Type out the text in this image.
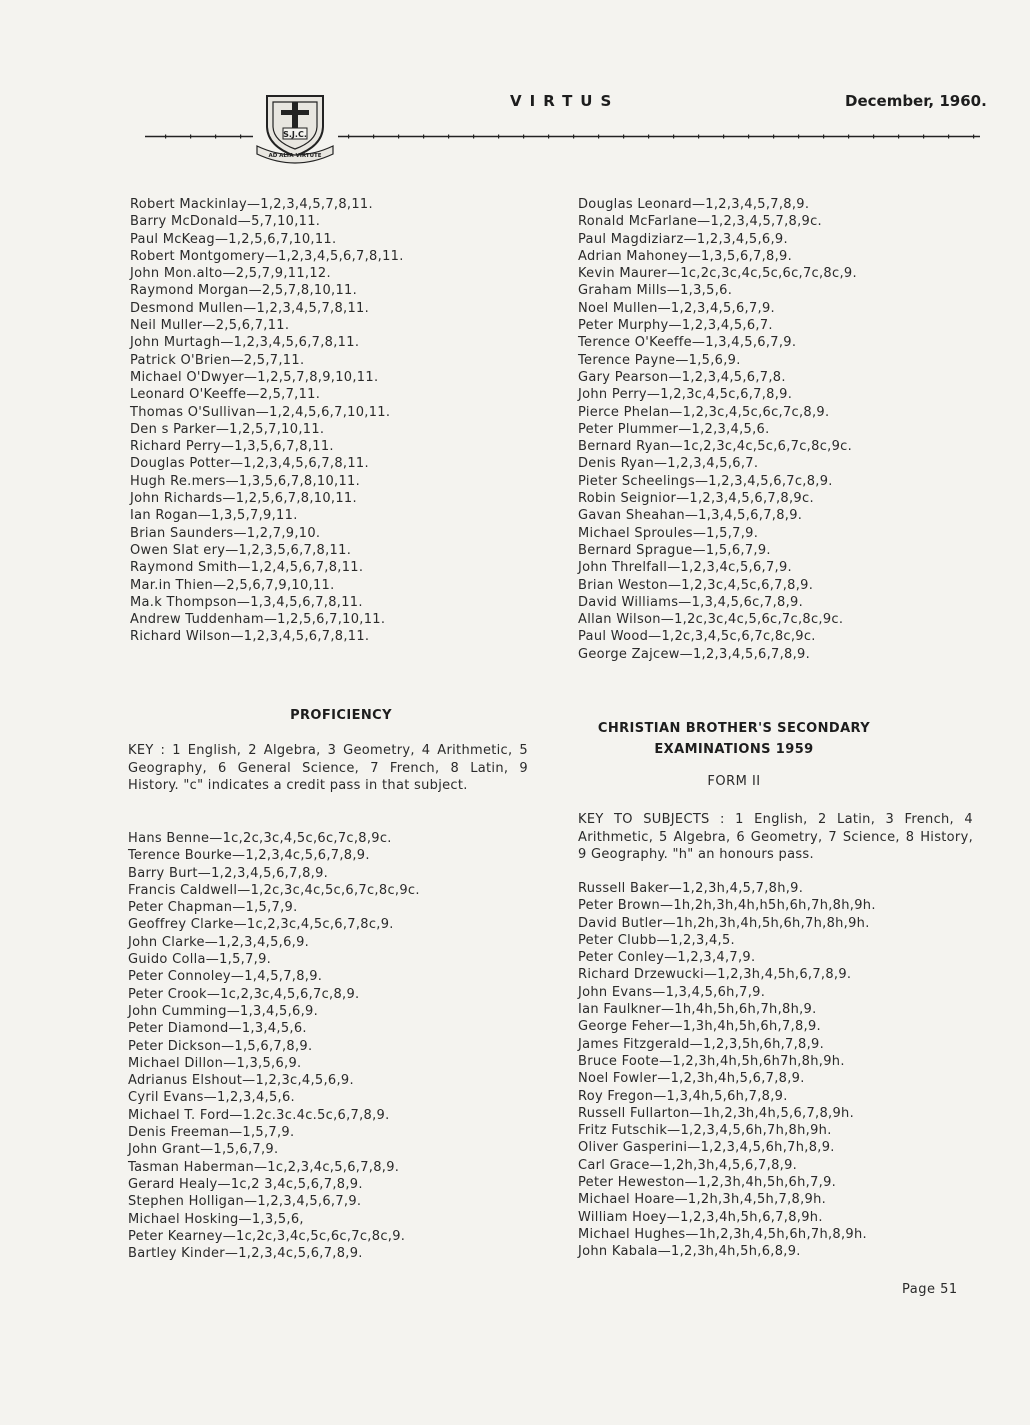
S.J.C.
AD ALTA VIRTUTE
VIRTUS	December, 1960.
Robert Mackinlay—1,2,3,4,5,7,8,11.
Barry McDonald—5,7,10,11.
Paul McKeag—1,2,5,6,7,10,11.
Robert Montgomery—1,2,3,4,5,6,7,8,11.
John Mon.alto—2,5,7,9,11,12.
Raymond Morgan—2,5,7,8,10,11.
Desmond Mullen—1,2,3,4,5,7,8,11.
Neil Muller—2,5,6,7,11.
John Murtagh—1,2,3,4,5,6,7,8,11.
Patrick O'Brien—2,5,7,11.
Michael O'Dwyer—1,2,5,7,8,9,10,11.
Leonard O'Keeffe—2,5,7,11.
Thomas O'Sullivan—1,2,4,5,6,7,10,11.
Den s Parker—1,2,5,7,10,11.
Richard Perry—1,3,5,6,7,8,11.
Douglas Potter—1,2,3,4,5,6,7,8,11.
Hugh Re.mers—1,3,5,6,7,8,10,11.
John Richards—1,2,5,6,7,8,10,11.
Ian Rogan—1,3,5,7,9,11.
Brian Saunders—1,2,7,9,10.
Owen Slat ery—1,2,3,5,6,7,8,11.
Raymond Smith—1,2,4,5,6,7,8,11.
Mar.in Thien—2,5,6,7,9,10,11.
Ma.k Thompson—1,3,4,5,6,7,8,11.
Andrew Tuddenham—1,2,5,6,7,10,11.
Richard Wilson—1,2,3,4,5,6,7,8,11.
Douglas Leonard—1,2,3,4,5,7,8,9.
Ronald McFarlane—1,2,3,4,5,7,8,9c.
Paul Magdiziarz—1,2,3,4,5,6,9.
Adrian Mahoney—1,3,5,6,7,8,9.
Kevin Maurer—1c,2c,3c,4c,5c,6c,7c,8c,9.
Graham Mills—1,3,5,6.
Noel Mullen—1,2,3,4,5,6,7,9.
Peter Murphy—1,2,3,4,5,6,7.
Terence O'Keeffe—1,3,4,5,6,7,9.
Terence Payne—1,5,6,9.
Gary Pearson—1,2,3,4,5,6,7,8.
John Perry—1,2,3c,4,5c,6,7,8,9.
Pierce Phelan—1,2,3c,4,5c,6c,7c,8,9.
Peter Plummer—1,2,3,4,5,6.
Bernard Ryan—1c,2,3c,4c,5c,6,7c,8c,9c.
Denis Ryan—1,2,3,4,5,6,7.
Pieter Scheelings—1,2,3,4,5,6,7c,8,9.
Robin Seignior—1,2,3,4,5,6,7,8,9c.
Gavan Sheahan—1,3,4,5,6,7,8,9.
Michael Sproules—1,5,7,9.
Bernard Sprague—1,5,6,7,9.
John Threlfall—1,2,3,4c,5,6,7,9.
Brian Weston—1,2,3c,4,5c,6,7,8,9.
David Williams—1,3,4,5,6c,7,8,9.
Allan Wilson—1,2c,3c,4c,5,6c,7c,8c,9c.
Paul Wood—1,2c,3,4,5c,6,7c,8c,9c.
George Zajcew—1,2,3,4,5,6,7,8,9.
PROFICIENCY
KEY : 1 English, 2 Algebra, 3 Geometry, 4 Arithmetic, 5 Geography, 6 General Science, 7 French, 8 Latin, 9 History. "c" indicates a credit pass in that subject.
Hans Benne—1c,2c,3c,4,5c,6c,7c,8,9c.
Terence Bourke—1,2,3,4c,5,6,7,8,9.
Barry Burt—1,2,3,4,5,6,7,8,9.
Francis Caldwell—1,2c,3c,4c,5c,6,7c,8c,9c.
Peter Chapman—1,5,7,9.
Geoffrey Clarke—1c,2,3c,4,5c,6,7,8c,9.
John Clarke—1,2,3,4,5,6,9.
Guido Colla—1,5,7,9.
Peter Connoley—1,4,5,7,8,9.
Peter Crook—1c,2,3c,4,5,6,7c,8,9.
John Cumming—1,3,4,5,6,9.
Peter Diamond—1,3,4,5,6.
Peter Dickson—1,5,6,7,8,9.
Michael Dillon—1,3,5,6,9.
Adrianus Elshout—1,2,3c,4,5,6,9.
Cyril Evans—1,2,3,4,5,6.
Michael T. Ford—1.2c.3c.4c.5c,6,7,8,9.
Denis Freeman—1,5,7,9.
John Grant—1,5,6,7,9.
Tasman Haberman—1c,2,3,4c,5,6,7,8,9.
Gerard Healy—1c,2 3,4c,5,6,7,8,9.
Stephen Holligan—1,2,3,4,5,6,7,9.
Michael Hosking—1,3,5,6,
Peter Kearney—1c,2c,3,4c,5c,6c,7c,8c,9.
Bartley Kinder—1,2,3,4c,5,6,7,8,9.
CHRISTIAN BROTHER'S SECONDARY
EXAMINATIONS 1959
FORM II
KEY TO SUBJECTS : 1 English, 2 Latin, 3 French, 4 Arithmetic, 5 Algebra, 6 Geometry, 7 Science, 8 History, 9 Geography. "h" an honours pass.
Russell Baker—1,2,3h,4,5,7,8h,9.
Peter Brown—1h,2h,3h,4h,h5h,6h,7h,8h,9h.
David Butler—1h,2h,3h,4h,5h,6h,7h,8h,9h.
Peter Clubb—1,2,3,4,5.
Peter Conley—1,2,3,4,7,9.
Richard Drzewucki—1,2,3h,4,5h,6,7,8,9.
John Evans—1,3,4,5,6h,7,9.
Ian Faulkner—1h,4h,5h,6h,7h,8h,9.
George Feher—1,3h,4h,5h,6h,7,8,9.
James Fitzgerald—1,2,3,5h,6h,7,8,9.
Bruce Foote—1,2,3h,4h,5h,6h7h,8h,9h.
Noel Fowler—1,2,3h,4h,5,6,7,8,9.
Roy Fregon—1,3,4h,5,6h,7,8,9.
Russell Fullarton—1h,2,3h,4h,5,6,7,8,9h.
Fritz Futschik—1,2,3,4,5,6h,7h,8h,9h.
Oliver Gasperini—1,2,3,4,5,6h,7h,8,9.
Carl Grace—1,2h,3h,4,5,6,7,8,9.
Peter Heweston—1,2,3h,4h,5h,6h,7,9.
Michael Hoare—1,2h,3h,4,5h,7,8,9h.
William Hoey—1,2,3,4h,5h,6,7,8,9h.
Michael Hughes—1h,2,3h,4,5h,6h,7h,8,9h.
John Kabala—1,2,3h,4h,5h,6,8,9.
Page 51
